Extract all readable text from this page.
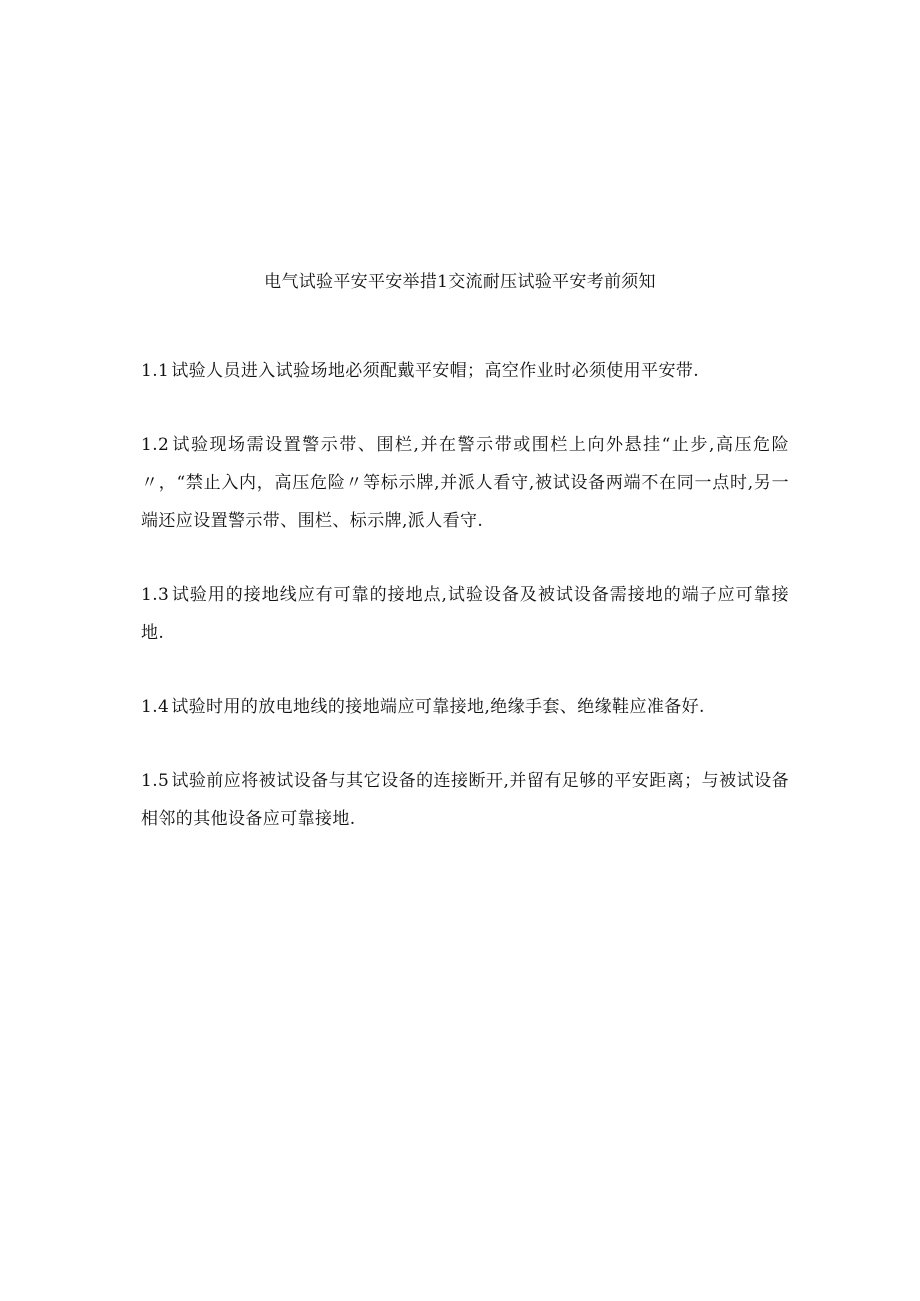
电气试验平安平安举措1交流耐压试验平安考前须知

1.1 试验人员进入试验场地必须配戴平安帽；高空作业时必须使用平安带.

1.2 试验现场需设置警示带、围栏,并在警示带或围栏上向外悬挂“止步,高压危险〃，“禁止入内，高压危险〃等标示牌,并派人看守,被试设备两端不在同一点时,另一端还应设置警示带、围栏、标示牌,派人看守.

1.3 试验用的接地线应有可靠的接地点,试验设备及被试设备需接地的端子应可靠接地.

1.4 试验时用的放电地线的接地端应可靠接地,绝缘手套、绝缘鞋应准备好.

1.5 试验前应将被试设备与其它设备的连接断开,并留有足够的平安距离；与被试设备相邻的其他设备应可靠接地.
